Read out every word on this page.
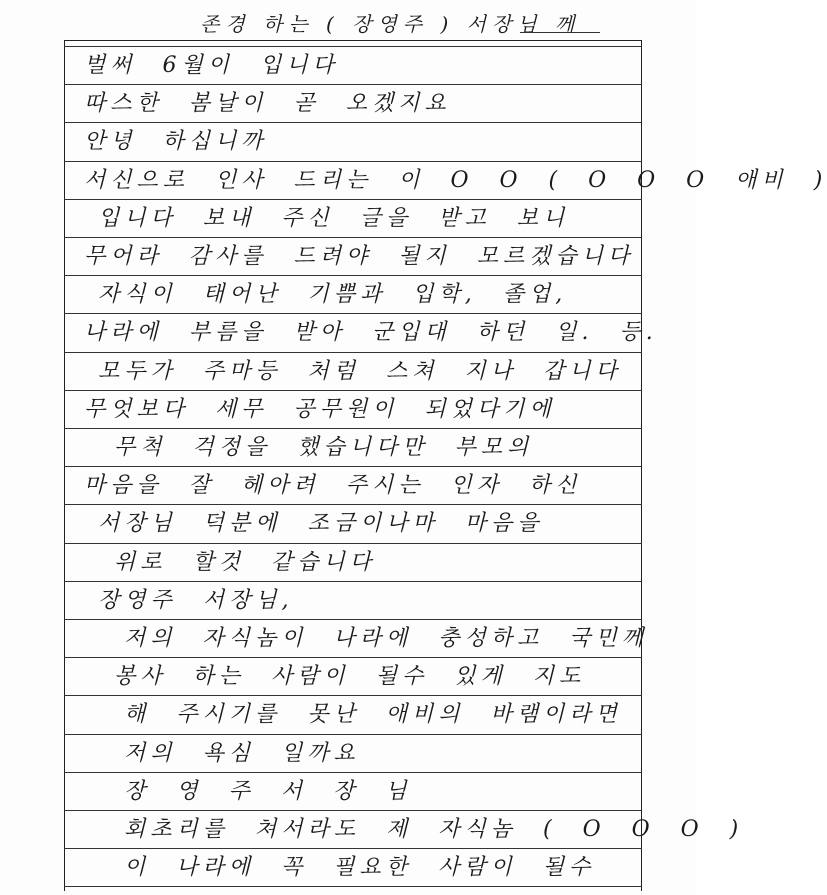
존경 하는 ( 장영주 ) 서장님 께
벌써 6월이 입니다
따스한 봄날이 곧 오겠지요
안녕 하십니까
서신으로 인사 드리는 이 O O ( O O O 애비 )
입니다 보내 주신 글을 받고 보니
무어라 감사를 드려야 될지 모르겠습니다
자식이 태어난 기쁨과 입학, 졸업,
나라에 부름을 받아 군입대 하던 일. 등.
모두가 주마등 처럼 스쳐 지나 갑니다
무엇보다 세무 공무원이 되었다기에
무척 걱정을 했습니다만 부모의
마음을 잘 헤아려 주시는 인자 하신
서장님 덕분에 조금이나마 마음을
위로 할것 같습니다
장영주 서장님,
저의 자식놈이 나라에 충성하고 국민께
봉사 하는 사람이 될수 있게 지도
해 주시기를 못난 애비의 바램이라면
저의 욕심 일까요
장 영 주 서 장 님
회초리를 쳐서라도 제 자식놈 ( O O O )
이 나라에 꼭 필요한 사람이 될수
